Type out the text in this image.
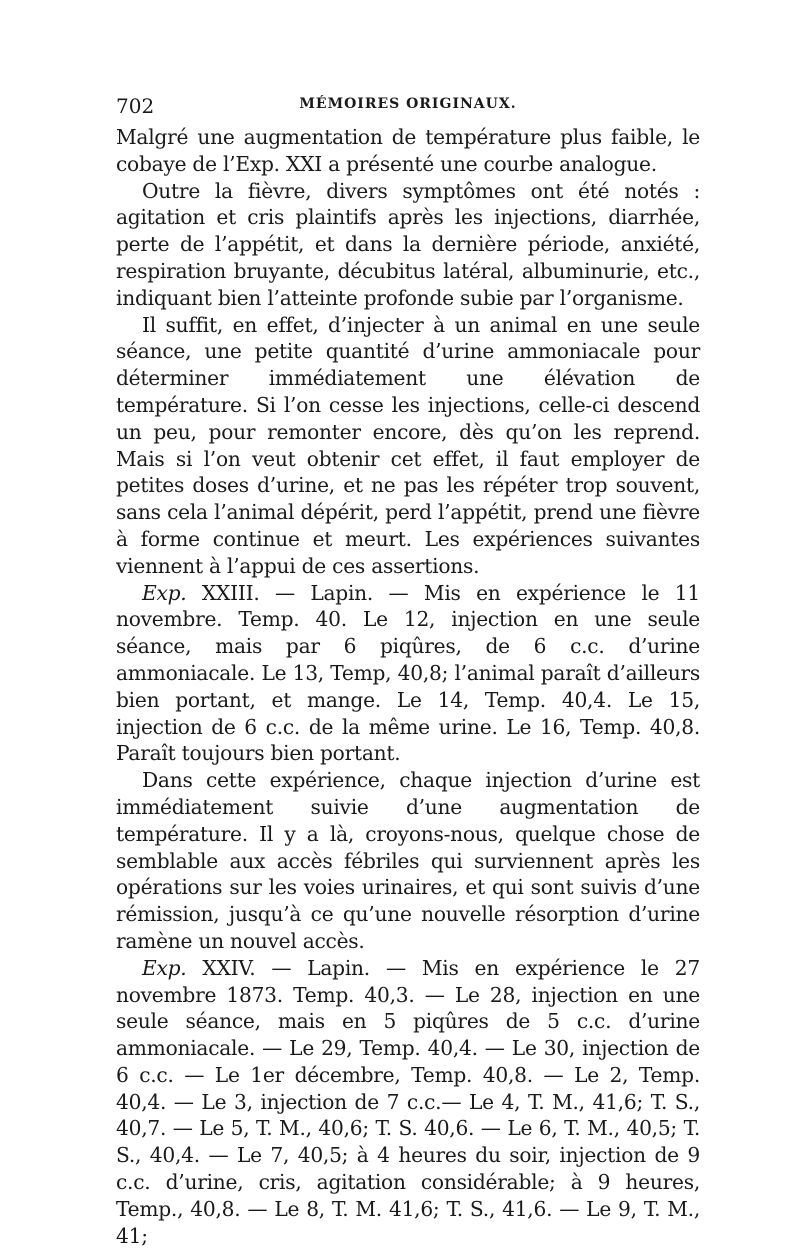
702	MÉMOIRES ORIGINAUX.

Malgré une augmentation de température plus faible, le cobaye de l’Exp. XXI a présenté une courbe analogue.

Outre la fièvre, divers symptômes ont été notés : agitation et cris plaintifs après les injections, diarrhée, perte de l’appétit, et dans la dernière période, anxiété, respiration bruyante, décubitus latéral, albuminurie, etc., indiquant bien l’atteinte profonde subie par l’organisme.

Il suffit, en effet, d’injecter à un animal en une seule séance, une petite quantité d’urine ammoniacale pour déterminer immédiatement une élévation de température. Si l’on cesse les injections, celle-ci descend un peu, pour remonter encore, dès qu’on les reprend. Mais si l’on veut obtenir cet effet, il faut employer de petites doses d’urine, et ne pas les répéter trop souvent, sans cela l’animal dépérit, perd l’appétit, prend une fièvre à forme continue et meurt. Les expériences suivantes viennent à l’appui de ces assertions.

Exp. XXIII. — Lapin. — Mis en expérience le 11 novembre. Temp. 40. Le 12, injection en une seule séance, mais par 6 piqûres, de 6 c.c. d’urine ammoniacale. Le 13, Temp, 40,8; l’animal paraît d’ailleurs bien portant, et mange. Le 14, Temp. 40,4. Le 15, injection de 6 c.c. de la même urine. Le 16, Temp. 40,8. Paraît toujours bien portant.

Dans cette expérience, chaque injection d’urine est immédiatement suivie d’une augmentation de température. Il y a là, croyons-nous, quelque chose de semblable aux accès fébriles qui surviennent après les opérations sur les voies urinaires, et qui sont suivis d’une rémission, jusqu’à ce qu’une nouvelle résorption d’urine ramène un nouvel accès.

Exp. XXIV. — Lapin. — Mis en expérience le 27 novembre 1873. Temp. 40,3. — Le 28, injection en une seule séance, mais en 5 piqûres de 5 c.c. d’urine ammoniacale. — Le 29, Temp. 40,4. — Le 30, injection de 6 c.c. — Le 1er décembre, Temp. 40,8. — Le 2, Temp. 40,4. — Le 3, injection de 7 c.c.— Le 4, T. M., 41,6; T. S., 40,7. — Le 5, T. M., 40,6; T. S. 40,6. — Le 6, T. M., 40,5; T. S., 40,4. — Le 7, 40,5; à 4 heures du soir, injection de 9 c.c. d’urine, cris, agitation considérable; à 9 heures, Temp., 40,8. — Le 8, T. M. 41,6; T. S., 41,6. — Le 9, T. M., 41;
